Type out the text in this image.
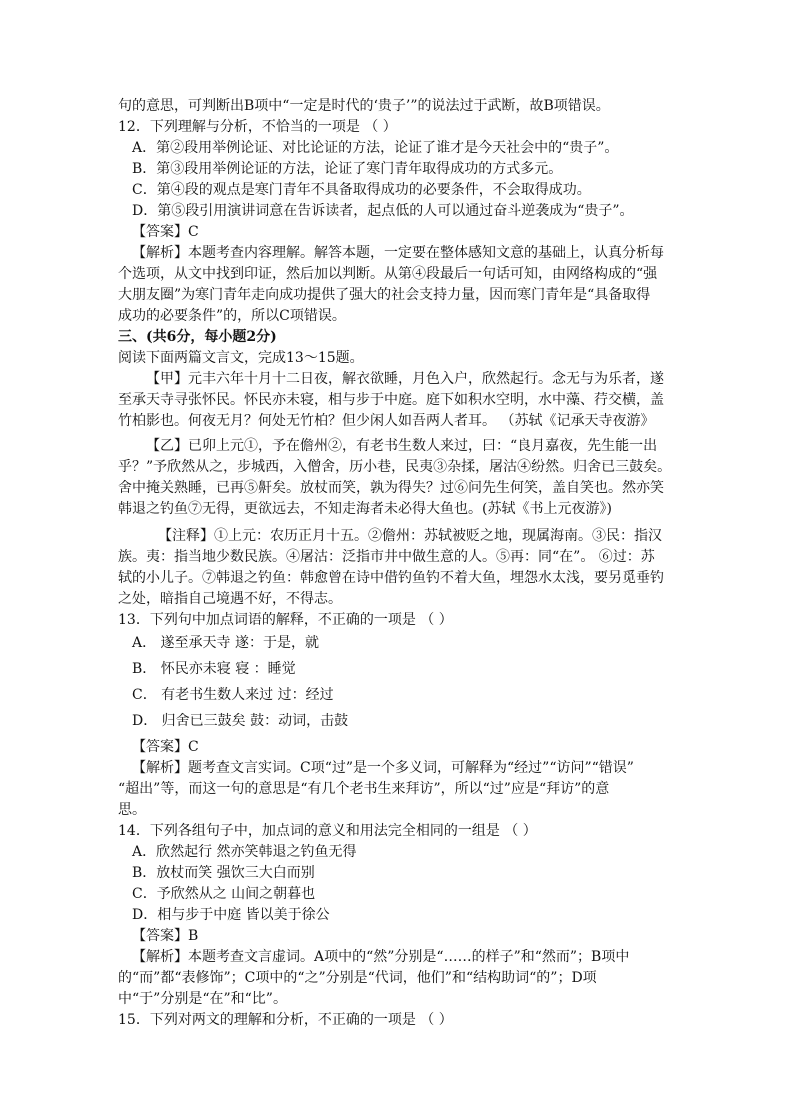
句的意思，可判断出B项中“一定是时代的‘贵子’”的说法过于武断，故B项错误。
12．下列理解与分析，不恰当的一项是 （ ）
A．第②段用举例论证、对比论证的方法，论证了谁才是今天社会中的“贵子”。
B．第③段用举例论证的方法，论证了寒门青年取得成功的方式多元。
C．第④段的观点是寒门青年不具备取得成功的必要条件，不会取得成功。
D．第⑤段引用演讲词意在告诉读者，起点低的人可以通过奋斗逆袭成为“贵子”。
【答案】C
【解析】本题考查内容理解。解答本题，一定要在整体感知文意的基础上，认真分析每
个选项，从文中找到印证，然后加以判断。从第④段最后一句话可知，由网络构成的“强
大朋友圈”为寒门青年走向成功提供了强大的社会支持力量，因而寒门青年是“具备取得
成功的必要条件”的，所以C项错误。
三、(共6分，每小题2分)
阅读下面两篇文言文，完成13～15题。
【甲】元丰六年十月十二日夜，解衣欲睡，月色入户，欣然起行。念无与为乐者，遂
至承天寺寻张怀民。怀民亦未寝，相与步于中庭。庭下如积水空明，水中藻、荇交横，盖
竹柏影也。何夜无月？何处无竹柏？但少闲人如吾两人者耳。 （苏轼《记承天寺夜游》
【乙】已卯上元①，予在儋州②，有老书生数人来过，曰：“良月嘉夜，先生能一出
乎？”予欣然从之，步城西，入僧舍，历小巷，民夷③杂揉，屠沽④纷然。归舍已三鼓矣。
舍中掩关熟睡，已再⑤鼾矣。放杖而笑，孰为得失？过⑥问先生何笑，盖自笑也。然亦笑
韩退之钓鱼⑦无得，更欲远去，不知走海者未必得大鱼也。(苏轼《书上元夜游》)
【注释】①上元：农历正月十五。②儋州：苏轼被贬之地，现属海南。③民：指汉
族。夷：指当地少数民族。④屠沽：泛指市井中做生意的人。⑤再：同“在”。 ⑥过：苏
轼的小儿子。⑦韩退之钓鱼：韩愈曾在诗中借钓鱼钓不着大鱼，埋怨水太浅，要另觅垂钓
之处，暗指自己境遇不好，不得志。
13．下列句中加点词语的解释，不正确的一项是 （ ）
A． 遂至承天寺 遂：于是，就
B． 怀民亦未寝 寝 ：睡觉
C． 有老书生数人来过 过：经过
D． 归舍已三鼓矣 鼓：动词，击鼓
【答案】C
【解析】题考查文言实词。C项“过”是一个多义词，可解释为“经过”“访问”“错误”
“超出”等，而这一句的意思是“有几个老书生来拜访”，所以“过”应是“拜访”的意
思。
14．下列各组句子中，加点词的意义和用法完全相同的一组是 （ ）
A．欣然起行 然亦笑韩退之钓鱼无得
B．放杖而笑 强饮三大白而别
C．予欣然从之 山间之朝暮也
D．相与步于中庭 皆以美于徐公
【答案】B
【解析】本题考查文言虚词。A项中的“然”分别是“……的样子”和“然而”；B项中
的“而”都“表修饰”；C项中的“之”分别是“代词，他们”和“结构助词“的”；D项
中“于”分别是“在”和“比”。
15．下列对两文的理解和分析，不正确的一项是 （ ）
